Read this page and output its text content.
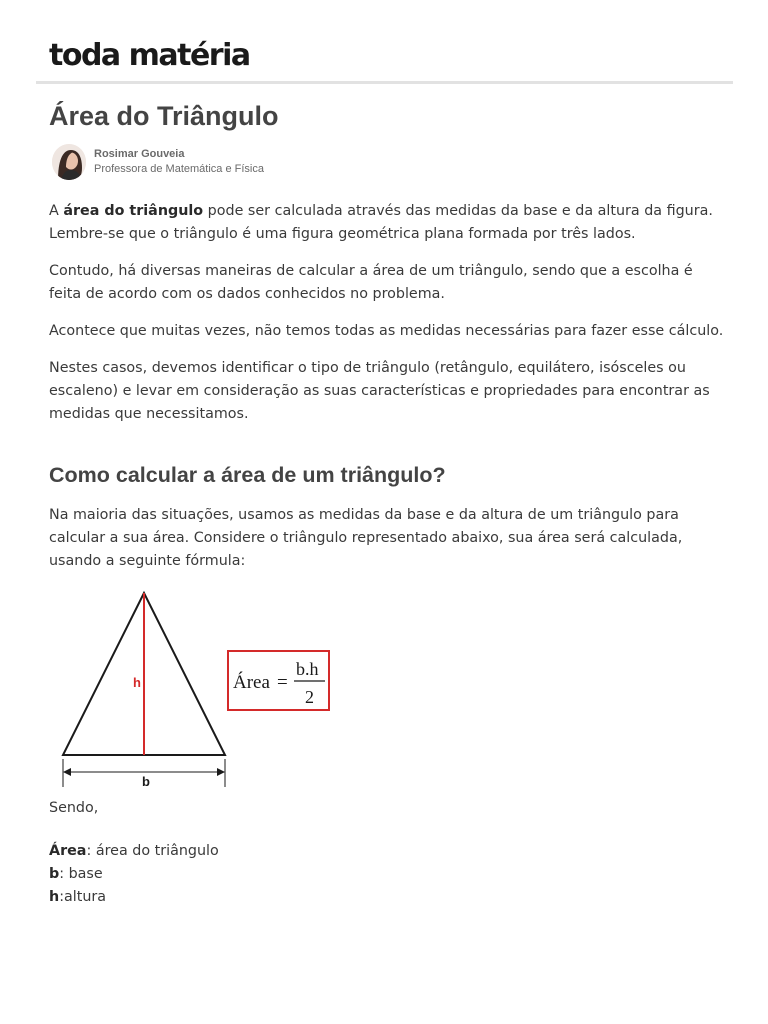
toda matéria
Área do Triângulo
Rosimar Gouveia
Professora de Matemática e Física

A área do triângulo pode ser calculada através das medidas da base e da altura da figura. Lembre-se que o triângulo é uma figura geométrica plana formada por três lados.

Contudo, há diversas maneiras de calcular a área de um triângulo, sendo que a escolha é feita de acordo com os dados conhecidos no problema.

Acontece que muitas vezes, não temos todas as medidas necessárias para fazer esse cálculo.

Nestes casos, devemos identificar o tipo de triângulo (retângulo, equilátero, isósceles ou escaleno) e levar em consideração as suas características e propriedades para encontrar as medidas que necessitamos.

Como calcular a área de um triângulo?

Na maioria das situações, usamos as medidas da base e da altura de um triângulo para calcular a sua área. Considere o triângulo representado abaixo, sua área será calculada, usando a seguinte fórmula:

h
b
Área =
b.h
2

Sendo,

Área: área do triângulo
b: base
h:altura
